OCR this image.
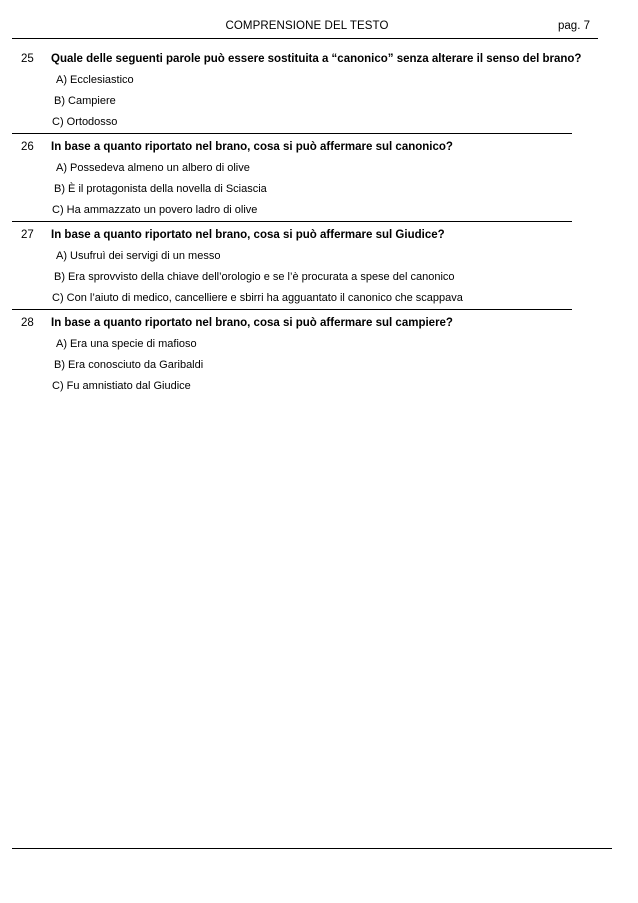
COMPRENSIONE DEL TESTO	pag. 7
25 Quale delle seguenti parole può essere sostituita a “canonico” senza alterare il senso del brano?
A) Ecclesiastico
B) Campiere
C) Ortodosso
26 In base a quanto riportato nel brano, cosa si può affermare sul canonico?
A) Possedeva almeno un albero di olive
B) È il protagonista della novella di Sciascia
C) Ha ammazzato un povero ladro di olive
27 In base a quanto riportato nel brano, cosa si può affermare sul Giudice?
A) Usufruì dei servigi di un messo
B) Era sprovvisto della chiave dell’orologio e se l’è procurata a spese del canonico
C) Con l’aiuto di medico, cancelliere e sbirri ha agguantato il canonico che scappava
28 In base a quanto riportato nel brano, cosa si può affermare sul campiere?
A) Era una specie di mafioso
B) Era conosciuto da Garibaldi
C) Fu amnistiato dal Giudice
